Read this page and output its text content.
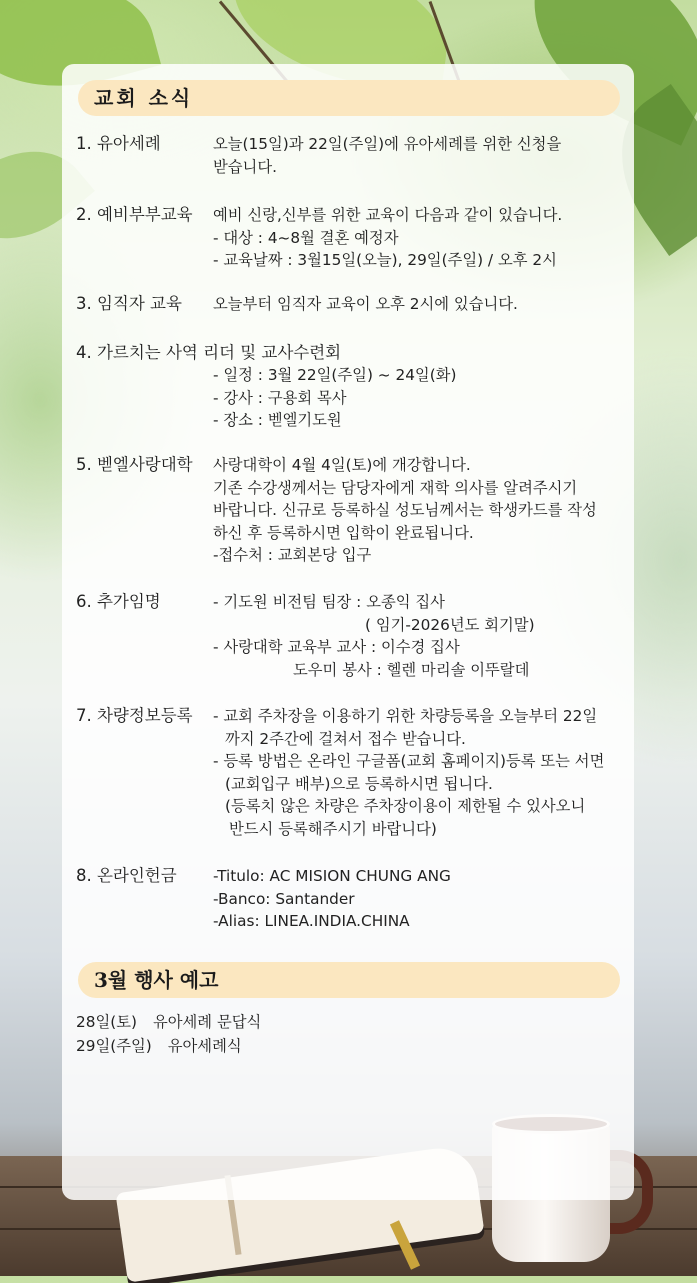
교회 소식
1. 유아세례	오늘(15일)과 22일(주일)에 유아세례를 위한 신청을
받습니다.
2. 예비부부교육 예비 신랑,신부를 위한 교육이 다음과 같이 있습니다.
- 대상 : 4~8월 결혼 예정자
- 교육날짜 : 3월15일(오늘), 29일(주일) / 오후 2시
3. 임직자 교육 오늘부터 임직자 교육이 오후 2시에 있습니다.
4. 가르치는 사역 리더 및 교사수련회
- 일정 : 3월 22일(주일) ~ 24일(화)
- 강사 : 구용회 목사
- 장소 : 벧엘기도원
5. 벧엘사랑대학 사랑대학이 4월 4일(토)에 개강합니다.
기존 수강생께서는 담당자에게 재학 의사를 알려주시기
바랍니다. 신규로 등록하실 성도님께서는 학생카드를 작성
하신 후 등록하시면 입학이 완료됩니다.
-접수처 : 교회본당 입구
6. 추가임명	- 기도원 비전팀 팀장 : 오종익 집사
( 임기-2026년도 회기말)
- 사랑대학 교육부 교사 : 이수경 집사
도우미 봉사 : 헬렌 마리솔 이뚜랄데
7. 차량정보등록 - 교회 주차장을 이용하기 위한 차량등록을 오늘부터 22일
까지 2주간에 걸쳐서 접수 받습니다.
- 등록 방법은 온라인 구글폼(교회 홈페이지)등록 또는 서면
(교회입구 배부)으로 등록하시면 됩니다.
(등록치 않은 차량은 주차장이용이 제한될 수 있사오니
반드시 등록해주시기 바랍니다)
8. 온라인헌금 -Titulo: AC MISION CHUNG ANG
-Banco: Santander
-Alias: LINEA.INDIA.CHINA
3월 행사 예고
28일(토) 유아세례 문답식
29일(주일) 유아세례식
